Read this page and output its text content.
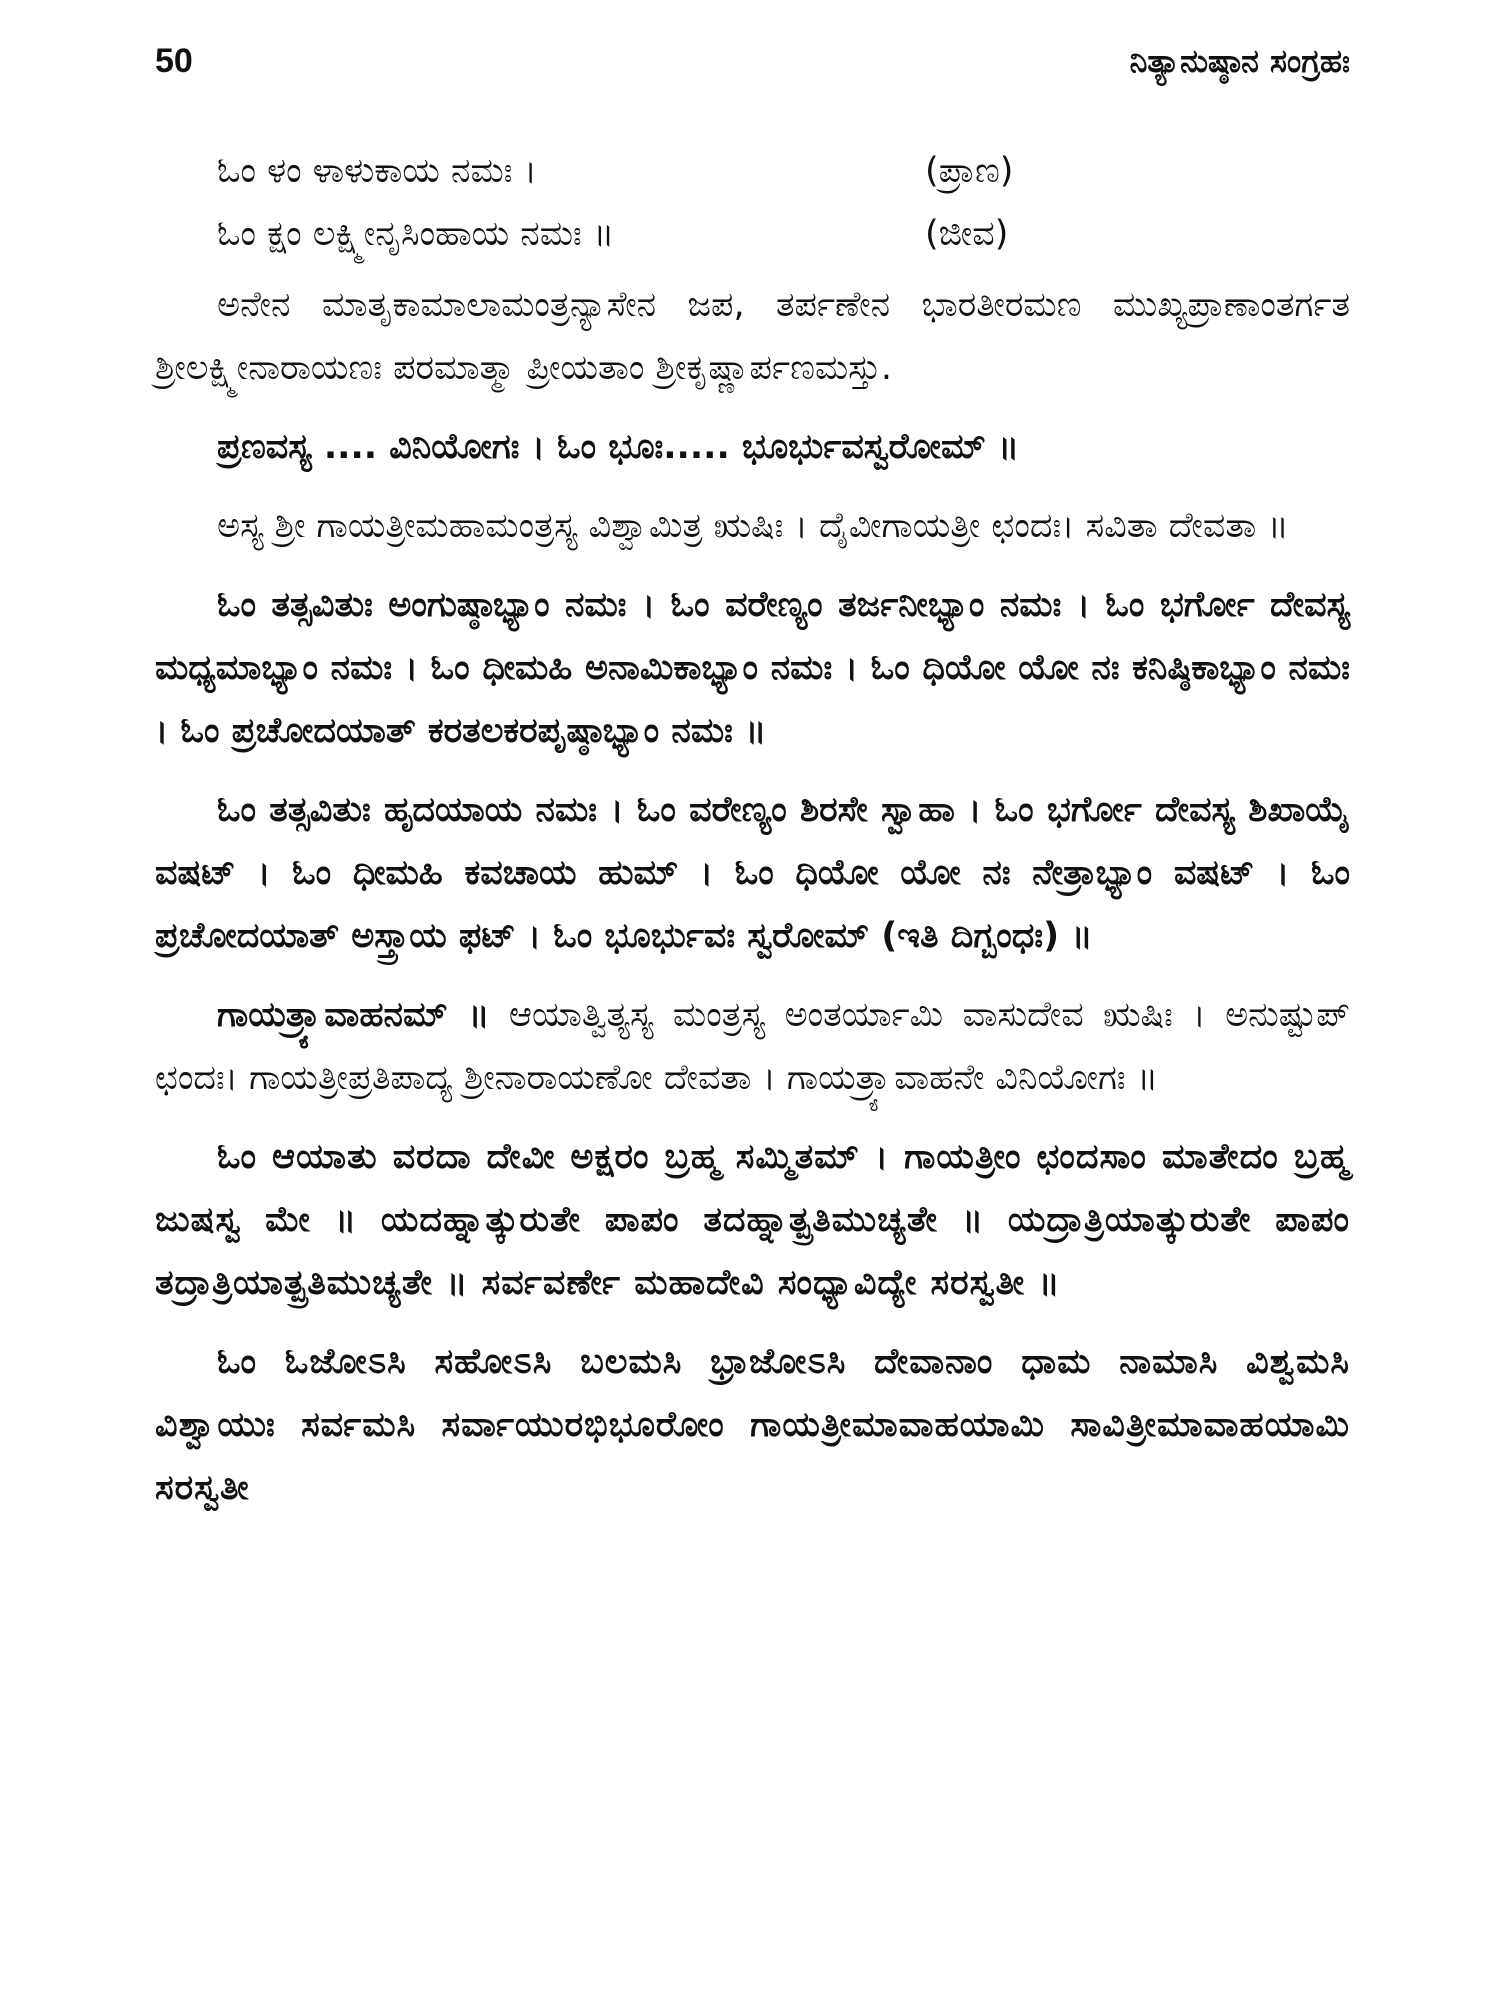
50	ನಿತ್ಯಾನುಷ್ಠಾನ ಸಂಗ್ರಹಃ
ಓಂ ಳಂ ಳಾಳುಕಾಯ ನಮಃ ।	(ಪ್ರಾಣ)
ಓಂ ಕ್ಷಂ ಲಕ್ಷ್ಮೀನೃಸಿಂಹಾಯ ನಮಃ ॥	(ಜೀವ)

ಅನೇನ ಮಾತೃಕಾಮಾಲಾಮಂತ್ರನ್ಯಾಸೇನ ಜಪ, ತರ್ಪಣೇನ ಭಾರತೀರಮಣ ಮುಖ್ಯಪ್ರಾಣಾಂತರ್ಗತ ಶ್ರೀಲಕ್ಷ್ಮೀನಾರಾಯಣಃ ಪರಮಾತ್ಮಾ ಪ್ರೀಯತಾಂ ಶ್ರೀಕೃಷ್ಣಾರ್ಪಣಮಸ್ತು.

ಪ್ರಣವಸ್ಯ .... ವಿನಿಯೋಗಃ । ಓಂ ಭೂಃ..... ಭೂರ್ಭುವಸ್ವರೋಮ್ ॥

ಅಸ್ಯ ಶ್ರೀ ಗಾಯತ್ರೀಮಹಾಮಂತ್ರಸ್ಯ ವಿಶ್ವಾಮಿತ್ರ ಋಷಿಃ । ದೈವೀಗಾಯತ್ರೀ ಛಂದಃ। ಸವಿತಾ ದೇವತಾ ॥

ಓಂ ತತ್ಸವಿತುಃ ಅಂಗುಷ್ಠಾಭ್ಯಾಂ ನಮಃ । ಓಂ ವರೇಣ್ಯಂ ತರ್ಜನೀಭ್ಯಾಂ ನಮಃ । ಓಂ ಭರ್ಗೋ ದೇವಸ್ಯ ಮಧ್ಯಮಾಭ್ಯಾಂ ನಮಃ । ಓಂ ಧೀಮಹಿ ಅನಾಮಿಕಾಭ್ಯಾಂ ನಮಃ । ಓಂ ಧಿಯೋ ಯೋ ನಃ ಕನಿಷ್ಠಿಕಾಭ್ಯಾಂ ನಮಃ । ಓಂ ಪ್ರಚೋದಯಾತ್ ಕರತಲಕರಪೃಷ್ಠಾಭ್ಯಾಂ ನಮಃ ॥

ಓಂ ತತ್ಸವಿತುಃ ಹೃದಯಾಯ ನಮಃ । ಓಂ ವರೇಣ್ಯಂ ಶಿರಸೇ ಸ್ವಾಹಾ । ಓಂ ಭರ್ಗೋ ದೇವಸ್ಯ ಶಿಖಾಯೈ ವಷಟ್ । ಓಂ ಧೀಮಹಿ ಕವಚಾಯ ಹುಮ್ । ಓಂ ಧಿಯೋ ಯೋ ನಃ ನೇತ್ರಾಭ್ಯಾಂ ವಷಟ್ । ಓಂ ಪ್ರಚೋದಯಾತ್ ಅಸ್ತ್ರಾಯ ಫಟ್ । ಓಂ ಭೂರ್ಭುವಃ ಸ್ವರೋಮ್ (ಇತಿ ದಿಗ್ಬಂಧಃ) ॥

ಗಾಯತ್ರ್ಯಾವಾಹನಮ್ ॥ ಆಯಾತ್ವಿತ್ಯಸ್ಯ ಮಂತ್ರಸ್ಯ ಅಂತರ್ಯಾಮಿ ವಾಸುದೇವ ಋಷಿಃ । ಅನುಷ್ಟುಪ್ ಛಂದಃ। ಗಾಯತ್ರೀಪ್ರತಿಪಾದ್ಯ ಶ್ರೀನಾರಾಯಣೋ ದೇವತಾ । ಗಾಯತ್ರ್ಯಾವಾಹನೇ ವಿನಿಯೋಗಃ ॥

ಓಂ ಆಯಾತು ವರದಾ ದೇವೀ ಅಕ್ಷರಂ ಬ್ರಹ್ಮ ಸಮ್ಮಿತಮ್ । ಗಾಯತ್ರೀಂ ಛಂದಸಾಂ ಮಾತೇದಂ ಬ್ರಹ್ಮ ಜುಷಸ್ವ ಮೇ ॥ ಯದಹ್ನಾತ್ಕುರುತೇ ಪಾಪಂ ತದಹ್ನಾತ್ಪ್ರತಿಮುಚ್ಯತೇ ॥ ಯದ್ರಾತ್ರಿಯಾತ್ಕುರುತೇ ಪಾಪಂ ತದ್ರಾತ್ರಿಯಾತ್ಪ್ರತಿಮುಚ್ಯತೇ ॥ ಸರ್ವವರ್ಣೇ ಮಹಾದೇವಿ ಸಂಧ್ಯಾವಿದ್ಯೇ ಸರಸ್ವತೀ ॥

ಓಂ ಓಜೋಽಸಿ ಸಹೋಽಸಿ ಬಲಮಸಿ ಭ್ರಾಜೋಽಸಿ ದೇವಾನಾಂ ಧಾಮ ನಾಮಾಸಿ ವಿಶ್ವಮಸಿ ವಿಶ್ವಾಯುಃ ಸರ್ವಮಸಿ ಸರ್ವಾಯುರಭಿಭೂರೋಂ ಗಾಯತ್ರೀಮಾವಾಹಯಾಮಿ ಸಾವಿತ್ರೀಮಾವಾಹಯಾಮಿ ಸರಸ್ವತೀ
